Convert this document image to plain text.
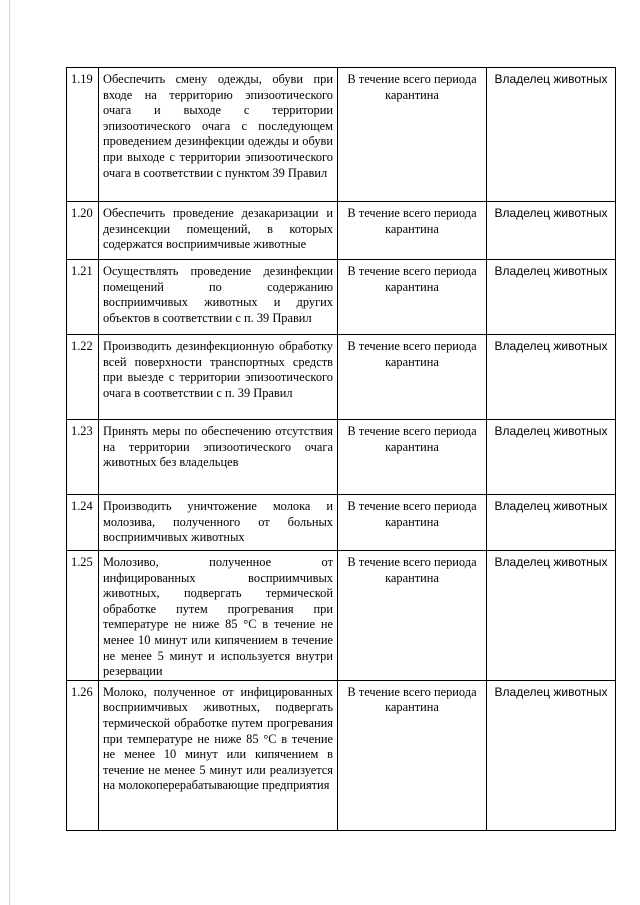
1.19	Обеспечить смену одежды, обуви при входе на территорию эпизоотического очага и выходе с территории эпизоотического очага с последующем проведением дезинфекции одежды и обуви при выходе с территории эпизоотического очага в соответствии с пунктом 39 Правил	В течение всего периода карантина	Владелец животных
1.20	Обеспечить проведение дезакаризации и дезинсекции помещений, в которых содержатся восприимчивые животные	В течение всего периода карантина	Владелец животных
1.21	Осуществлять проведение дезинфекции помещений по содержанию восприимчивых животных и других объектов в соответствии с п. 39 Правил	В течение всего периода карантина	Владелец животных
1.22	Производить дезинфекционную обработку всей поверхности транспортных средств при выезде с территории эпизоотического очага в соответствии с п. 39 Правил	В течение всего периода карантина	Владелец животных
1.23	Принять меры по обеспечению отсутствия на территории эпизоотического очага животных без владельцев	В течение всего периода карантина	Владелец животных
1.24	Производить уничтожение молока и молозива, полученного от больных восприимчивых животных	В течение всего периода карантина	Владелец животных
1.25	Молозиво, полученное от инфицированных восприимчивых животных, подвергать термической обработке путем прогревания при температуре не ниже 85 °С в течение не менее 10 минут или кипячением в течение не менее 5 минут и используется внутри резервации	В течение всего периода карантина	Владелец животных
1.26	Молоко, полученное от инфицированных восприимчивых животных, подвергать термической обработке путем прогревания при температуре не ниже 85 °С в течение не менее 10 минут или кипячением в течение не менее 5 минут или реализуется на молокоперерабатывающие предприятия	В течение всего периода карантина	Владелец животных
